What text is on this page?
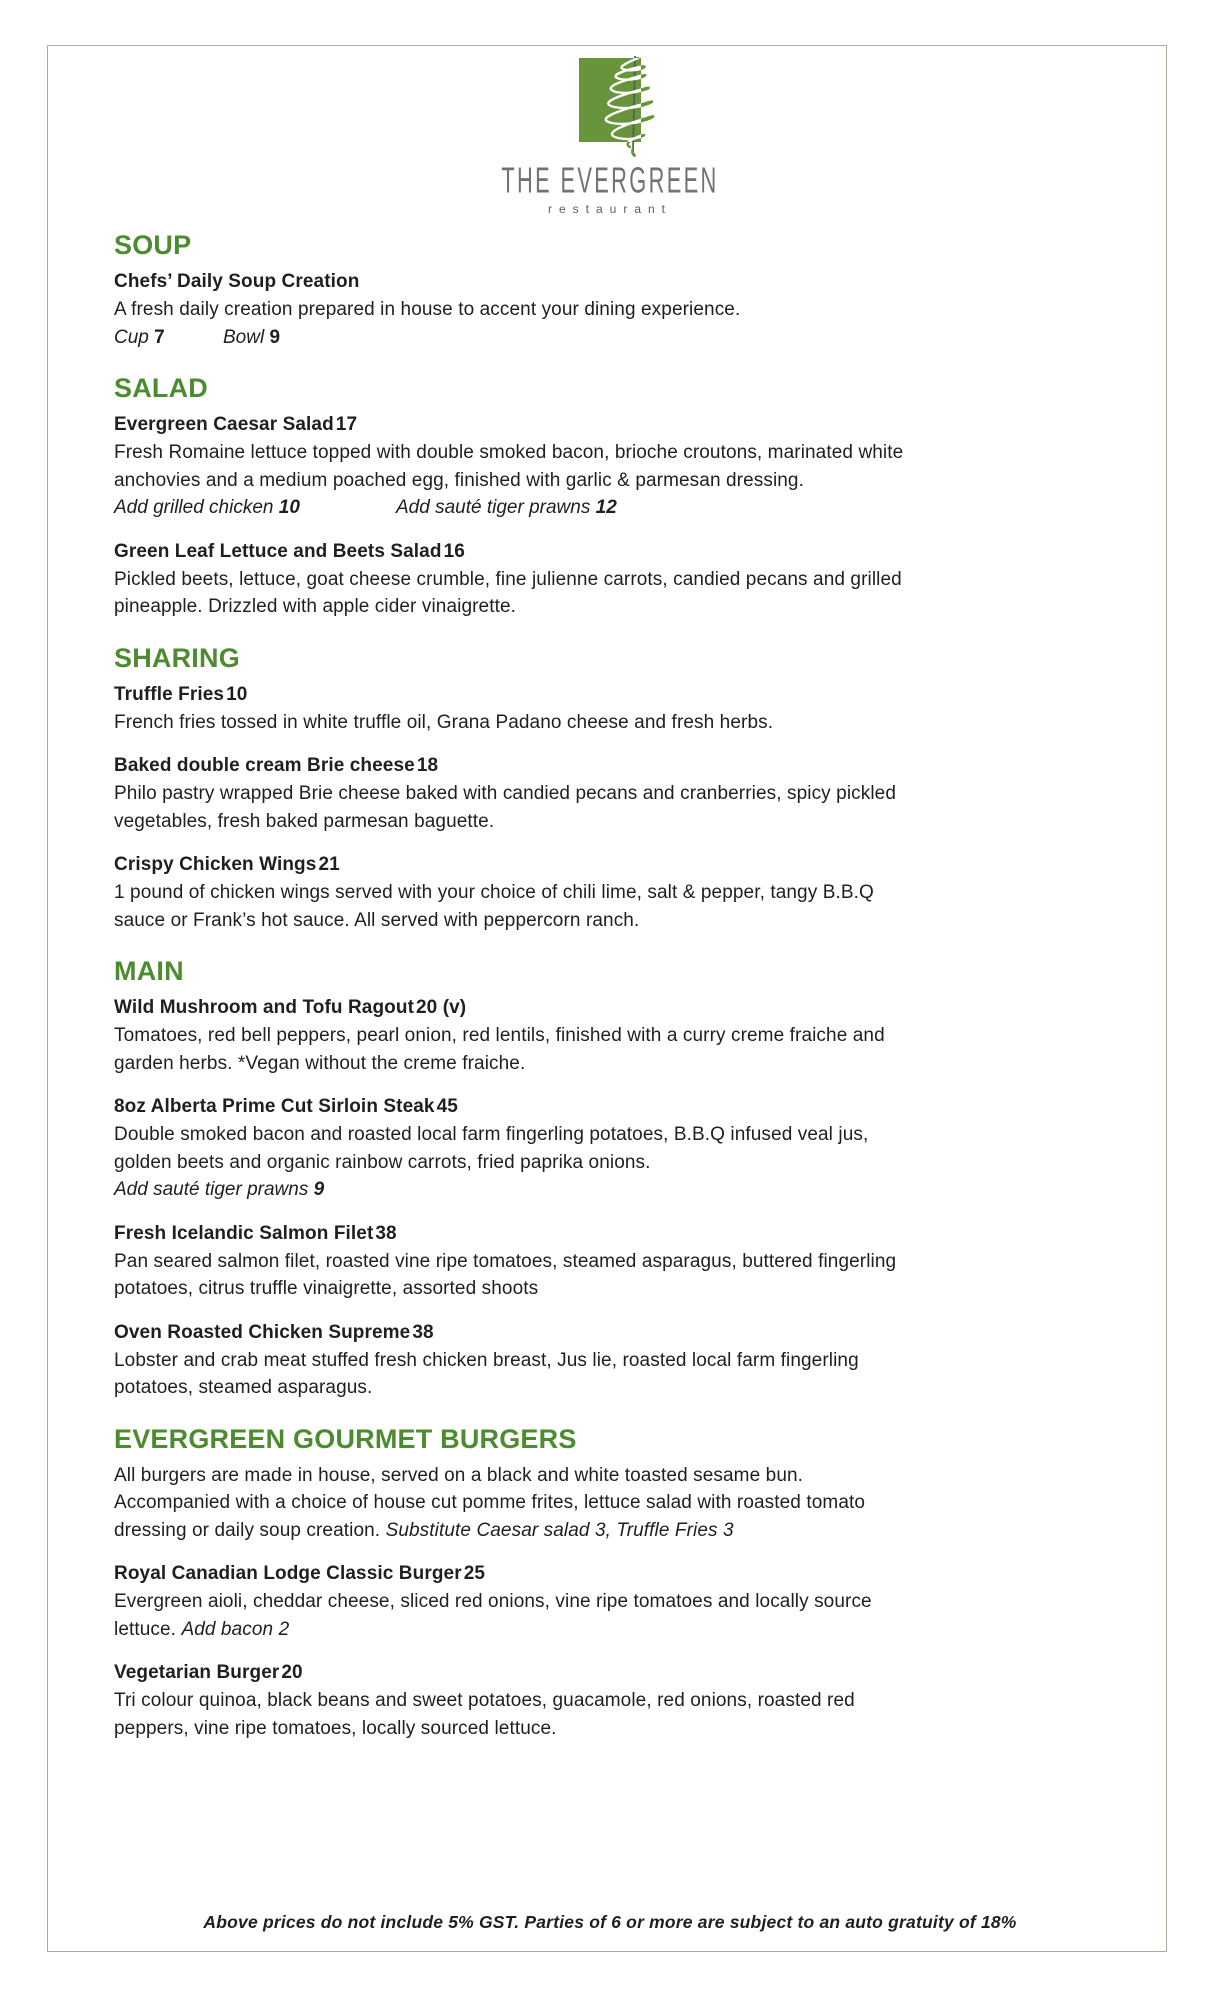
THE EVERGREEN
restaurant
SOUP
Chefs’ Daily Soup Creation

A fresh daily creation prepared in house to accent your dining experience.

Cup 7	Bowl 9
SALAD
Evergreen Caesar Salad 17

Fresh Romaine lettuce topped with double smoked bacon, brioche croutons, marinated white anchovies and a medium poached egg, finished with garlic & parmesan dressing.

Add grilled chicken 10	Add sauté tiger prawns 12
Green Leaf Lettuce and Beets Salad 16

Pickled beets, lettuce, goat cheese crumble, fine julienne carrots, candied pecans and grilled pineapple. Drizzled with apple cider vinaigrette.

SHARING
Truffle Fries 10

French fries tossed in white truffle oil, Grana Padano cheese and fresh herbs.

Baked double cream Brie cheese 18

Philo pastry wrapped Brie cheese baked with candied pecans and cranberries, spicy pickled vegetables, fresh baked parmesan baguette.

Crispy Chicken Wings 21

1 pound of chicken wings served with your choice of chili lime, salt & pepper, tangy B.B.Q sauce or Frank’s hot sauce. All served with peppercorn ranch.

MAIN
Wild Mushroom and Tofu Ragout 20 (v)

Tomatoes, red bell peppers, pearl onion, red lentils, finished with a curry creme fraiche and garden herbs. *Vegan without the creme fraiche.

8oz Alberta Prime Cut Sirloin Steak 45

Double smoked bacon and roasted local farm fingerling potatoes, B.B.Q infused veal jus, golden beets and organic rainbow carrots, fried paprika onions.

Add sauté tiger prawns 9
Fresh Icelandic Salmon Filet 38

Pan seared salmon filet, roasted vine ripe tomatoes, steamed asparagus, buttered fingerling potatoes, citrus truffle vinaigrette, assorted shoots

Oven Roasted Chicken Supreme 38

Lobster and crab meat stuffed fresh chicken breast, Jus lie, roasted local farm fingerling potatoes, steamed asparagus.

EVERGREEN GOURMET BURGERS

All burgers are made in house, served on a black and white toasted sesame bun. Accompanied with a choice of house cut pomme frites, lettuce salad with roasted tomato dressing or daily soup creation. Substitute Caesar salad 3, Truffle Fries 3

Royal Canadian Lodge Classic Burger 25

Evergreen aioli, cheddar cheese, sliced red onions, vine ripe tomatoes and locally source lettuce. Add bacon 2

Vegetarian Burger 20

Tri colour quinoa, black beans and sweet potatoes, guacamole, red onions, roasted red peppers, vine ripe tomatoes, locally sourced lettuce.

Above prices do not include 5% GST. Parties of 6 or more are subject to an auto gratuity of 18%
